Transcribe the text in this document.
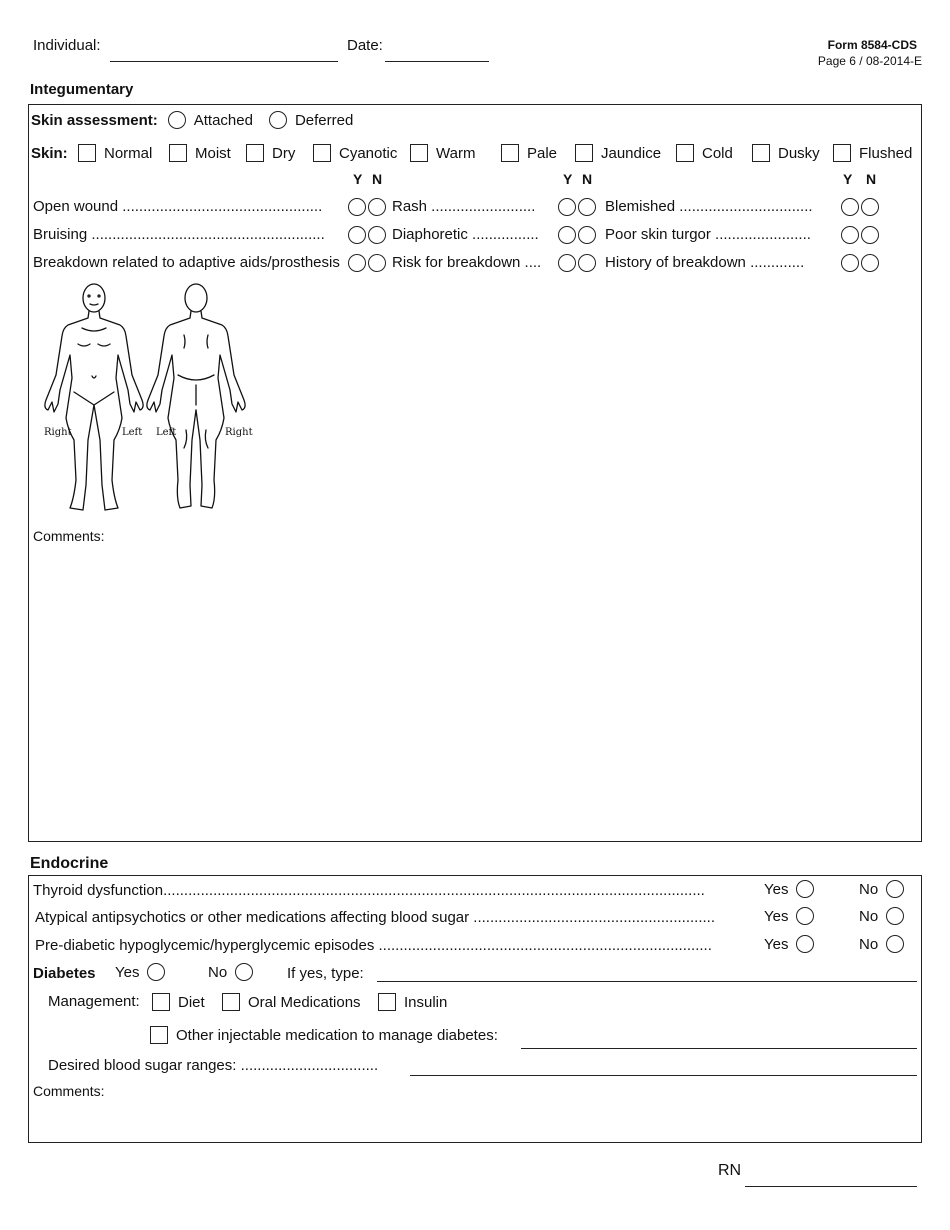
Individual:	Date:	Form 8584-CDS
Page 6 / 08-2014-E
Integumentary
Skin assessment: Attached	Deferred
Skin: Normal	Moist	Dry	Cyanotic	Warm	Pale	Jaundice	Cold	Dusky	Flushed
Y N	Y N	Y N
Open wound ................................................	Rash .........................	Blemished ................................
Bruising ........................................................	Diaphoretic ................	Poor skin turgor .......................
Breakdown related to adaptive aids/prosthesis	Risk for breakdown ....	History of breakdown .............
Right	Left Left	Right
Comments:
Endocrine
Thyroid dysfunction..................................................................................................................................	Yes	No
Atypical antipsychotics or other medications affecting blood sugar ..........................................................	Yes	No
Pre-diabetic hypoglycemic/hyperglycemic episodes ................................................................................	Yes	No
Diabetes Yes	No	If yes, type:
Management:	Diet	Oral Medications	Insulin
Other injectable medication to manage diabetes:
Desired blood sugar ranges: .................................
Comments:
RN
